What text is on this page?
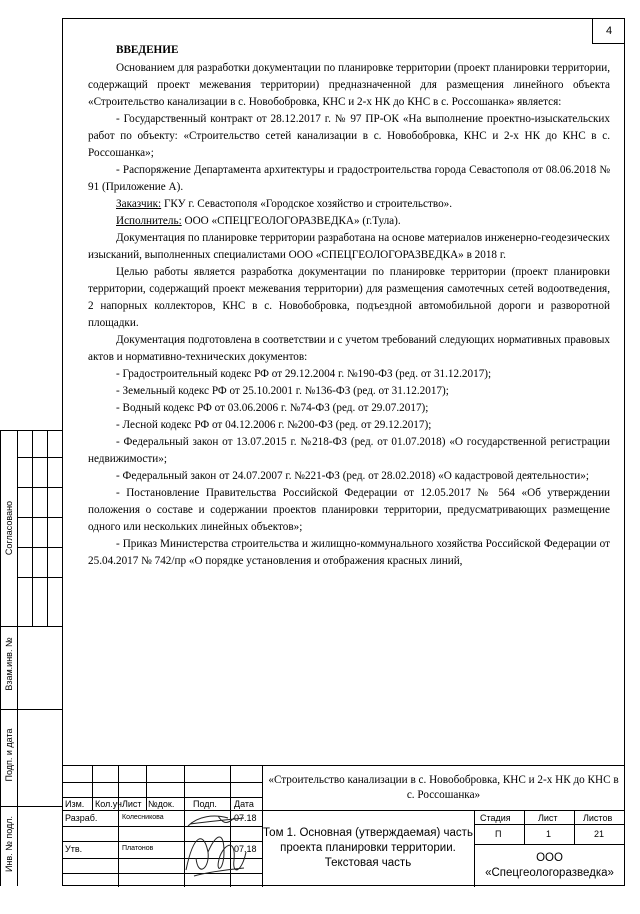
4

ВВЕДЕНИЕ

Основанием для разработки документации по планировке территории (проект планировки территории, содержащий проект межевания территории) предназначенной для размещения линейного объекта «Строительство канализации в с. Новобобровка, КНС и 2-х НК до КНС в с. Россошанка» является:

- Государственный контракт от 28.12.2017 г. № 97 ПР-ОК «На выполнение проектно-изыскательских работ по объекту: «Строительство сетей канализации в с. Новобобровка, КНС и 2-х НК до КНС в с. Россошанка»;

- Распоряжение Департамента архитектуры и градостроительства города Севастополя от 08.06.2018 № 91 (Приложение А).

Заказчик: ГКУ г. Севастополя «Городское хозяйство и строительство».

Исполнитель: ООО «СПЕЦГЕОЛОГОРАЗВЕДКА» (г.Тула).

Документация по планировке территории разработана на основе материалов инженерно-геодезических изысканий, выполненных специалистами ООО «СПЕЦГЕОЛОГОРАЗВЕДКА» в 2018 г.

Целью работы является разработка документации по планировке территории (проект планировки территории, содержащий проект межевания территории) для размещения самотечных сетей водоотведения, 2 напорных коллекторов, КНС в с. Новобобровка, подъездной автомобильной дороги и разворотной площадки.

Документация подготовлена в соответствии и с учетом требований следующих нормативных правовых актов и нормативно-технических документов:

- Градостроительный кодекс РФ от 29.12.2004 г. №190-ФЗ (ред. от 31.12.2017);

- Земельный кодекс РФ от 25.10.2001 г. №136-ФЗ (ред. от 31.12.2017);

- Водный кодекс РФ от 03.06.2006 г. №74-ФЗ (ред. от 29.07.2017);

- Лесной кодекс РФ от 04.12.2006 г. №200-ФЗ (ред. от 29.12.2017);

- Федеральный закон от 13.07.2015 г. №218-ФЗ (ред. от 01.07.2018) «О государственной регистрации недвижимости»;

- Федеральный закон от 24.07.2007 г. №221-ФЗ (ред. от 28.02.2018) «О кадастровой деятельности»;

- Постановление Правительства Российской Федерации от 12.05.2017 № 564 «Об утверждении положения о составе и содержании проектов планировки территории, предусматривающих размещение одного или нескольких линейных объектов»;

- Приказ Министерства строительства и жилищно-коммунального хозяйства Российской Федерации от 25.04.2017 № 742/пр «О порядке установления и отображения красных линий,

Согласовано
Взам.инв. №
Подп. и дата
Инв. № подл.
Изм. Кол.уч Лист №док. Подп. Дата
Разраб.	Колесникова	07.18
Утв.	Платонов	07.18
«Строительство канализации в с. Новобобровка, КНС и 2-х НК до КНС в с. Россошанка»
Том 1. Основная (утверждаемая) часть проекта планировки территории. Текстовая часть
Стадия	Лист	Листов
П	1	21
ООО
«Спецгеологоразведка»
